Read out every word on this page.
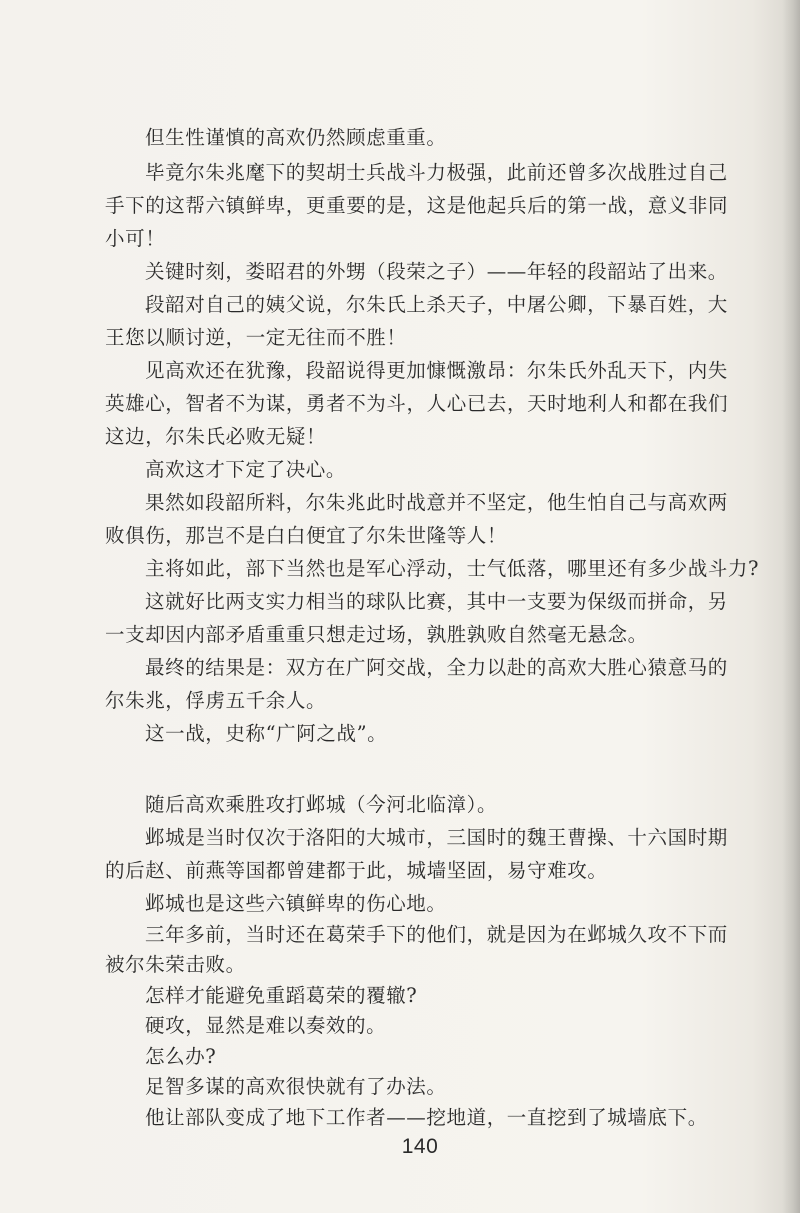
但生性谨慎的高欢仍然顾虑重重。
毕竟尔朱兆麾下的契胡士兵战斗力极强，此前还曾多次战胜过自己
手下的这帮六镇鲜卑，更重要的是，这是他起兵后的第一战，意义非同
小可！
关键时刻，娄昭君的外甥（段荣之子）——年轻的段韶站了出来。
段韶对自己的姨父说，尔朱氏上杀天子，中屠公卿，下暴百姓，大
王您以顺讨逆，一定无往而不胜！
见高欢还在犹豫，段韶说得更加慷慨激昂：尔朱氏外乱天下，内失
英雄心，智者不为谋，勇者不为斗，人心已去，天时地利人和都在我们
这边，尔朱氏必败无疑！
高欢这才下定了决心。
果然如段韶所料，尔朱兆此时战意并不坚定，他生怕自己与高欢两
败俱伤，那岂不是白白便宜了尔朱世隆等人！
主将如此，部下当然也是军心浮动，士气低落，哪里还有多少战斗力?
这就好比两支实力相当的球队比赛，其中一支要为保级而拼命，另
一支却因内部矛盾重重只想走过场，孰胜孰败自然毫无悬念。
最终的结果是：双方在广阿交战，全力以赴的高欢大胜心猿意马的
尔朱兆，俘虏五千余人。
这一战，史称“广阿之战”。
随后高欢乘胜攻打邺城（今河北临漳）。
邺城是当时仅次于洛阳的大城市，三国时的魏王曹操、十六国时期
的后赵、前燕等国都曾建都于此，城墙坚固，易守难攻。
邺城也是这些六镇鲜卑的伤心地。
三年多前，当时还在葛荣手下的他们，就是因为在邺城久攻不下而
被尔朱荣击败。
怎样才能避免重蹈葛荣的覆辙?
硬攻，显然是难以奏效的。
怎么办?
足智多谋的高欢很快就有了办法。
他让部队变成了地下工作者——挖地道，一直挖到了城墙底下。
140
